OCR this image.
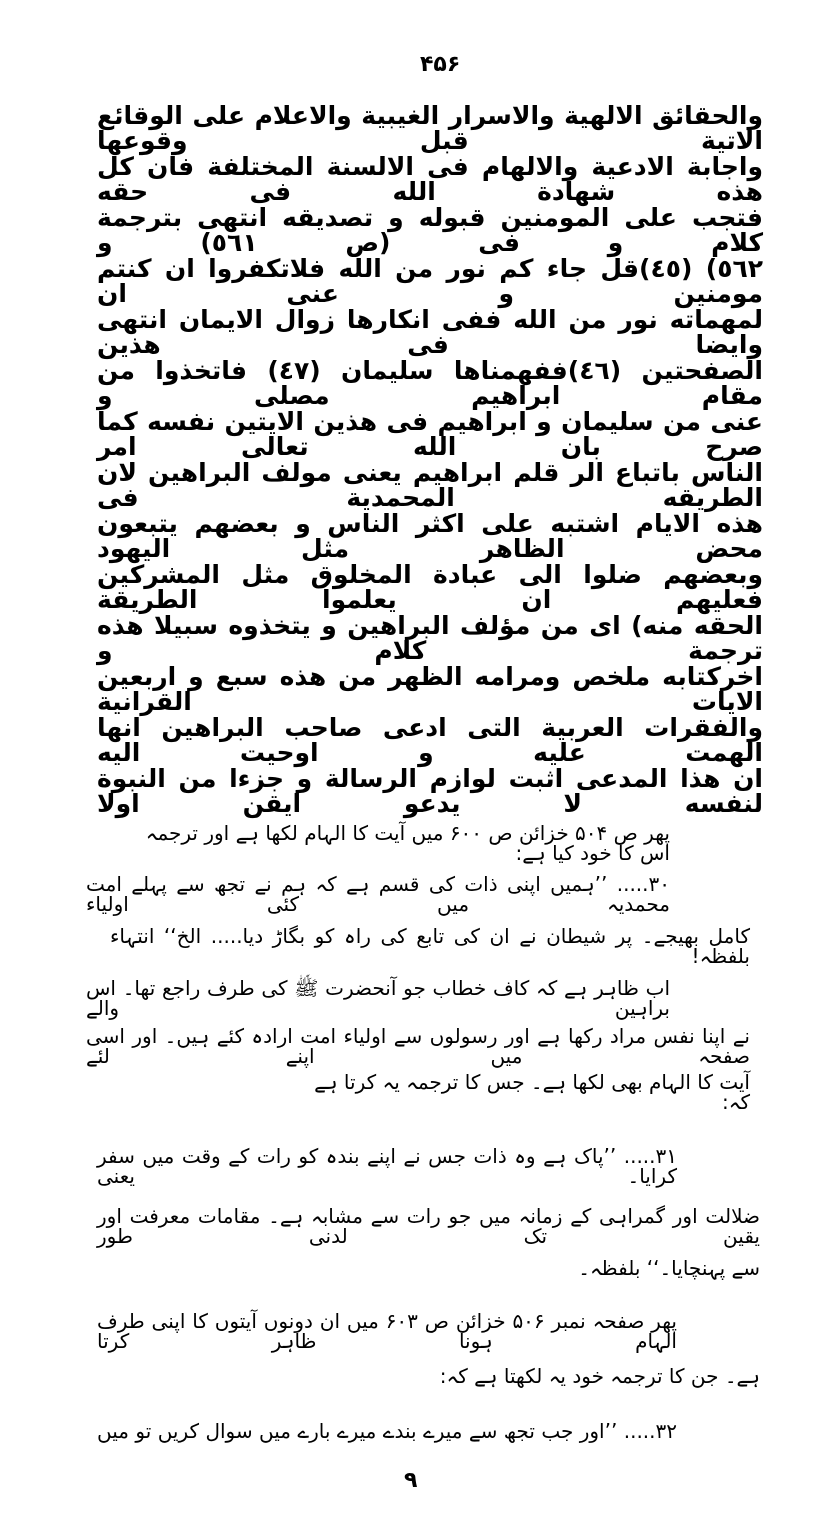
۴۵۶
والحقائق الالهية والاسرار الغيبية والاعلام على الوقائع الاتية قبل وقوعها
واجابة الادعية والالهام فى الالسنة المختلفة فان كل هذه شهادة الله فى حقه
فتجب على المومنين قبوله و تصديقه انتهى بترجمة كلام و فى (ص ٥٦١) و
٥٦٢) (٤٥)قل جاء كم نور من الله فلاتكفروا ان كنتم مومنين و عنى ان
لمهماته نور من الله ففى انكارها زوال الايمان انتهى وايضا فى هذين
الصفحتين (٤٦)ففهمناها سليمان (٤٧) فاتخذوا من مقام ابراهيم مصلى و
عنى من سليمان و ابراهيم فى هذين الايتين نفسه كما صرح بان الله تعالى امر
الناس باتباع الر قلم ابراهيم يعنى مولف البراهين لان الطريقه المحمدية فى
هذه الايام اشتبه على اكثر الناس و بعضهم يتبعون محض الظاهر مثل اليهود
وبعضهم ضلوا الى عبادة المخلوق مثل المشركين فعليهم ان يعلموا الطريقة
الحقه منه) اى من مؤلف البراهين و يتخذوه سبيلا هذه ترجمة كلام و
اخركتابه ملخص ومرامه الظهر من هذه سبع و اربعين الايات القرانية
والفقرات العربية التى ادعى صاحب البراهين انها الهمت عليه و اوحيت اليه
ان هذا المدعى اثبت لوازم الرسالة و جزءا من النبوة لنفسه لا يدعو ايقن اولا
پھر ص ۵۰۴ خزائن ص ۶۰۰ میں آیت کا الہام لکھا ہے اور ترجمہ اس کا خود کیا ہے:
۳۰..... ’’ہمیں اپنی ذات کی قسم ہے کہ ہم نے تجھ سے پہلے امت محمدیہ میں کئی اولیاء
کامل بھیجے۔ پر شیطان نے ان کی تابع کی راہ کو بگاڑ دیا..... الخ‘‘ انتہاء بلفظہ!
اب ظاہر ہے کہ کاف خطاب جو آنحضرت ﷺ کی طرف راجع تھا۔ اس براہین والے
نے اپنا نفس مراد رکھا ہے اور رسولوں سے اولیاء امت ارادہ کئے ہیں۔ اور اسی صفحہ میں اپنے لئے
آیت کا الہام بھی لکھا ہے۔ جس کا ترجمہ یہ کرتا ہے کہ:
۳۱..... ’’پاک ہے وہ ذات جس نے اپنے بندہ کو رات کے وقت میں سفر کرایا۔ یعنی
ضلالت اور گمراہی کے زمانہ میں جو رات سے مشابہ ہے۔ مقامات معرفت اور یقین تک لدنی طور
سے پہنچایا۔‘‘ بلفظہ۔
پھر صفحہ نمبر ۵۰۶ خزائن ص ۶۰۳ میں ان دونوں آیتوں کا اپنی طرف الہام ہونا ظاہر کرتا
ہے۔ جن کا ترجمہ خود یہ لکھتا ہے کہ:
۳۲..... ’’اور جب تجھ سے میرے بندے میرے بارے میں سوال کریں تو میں
۹
